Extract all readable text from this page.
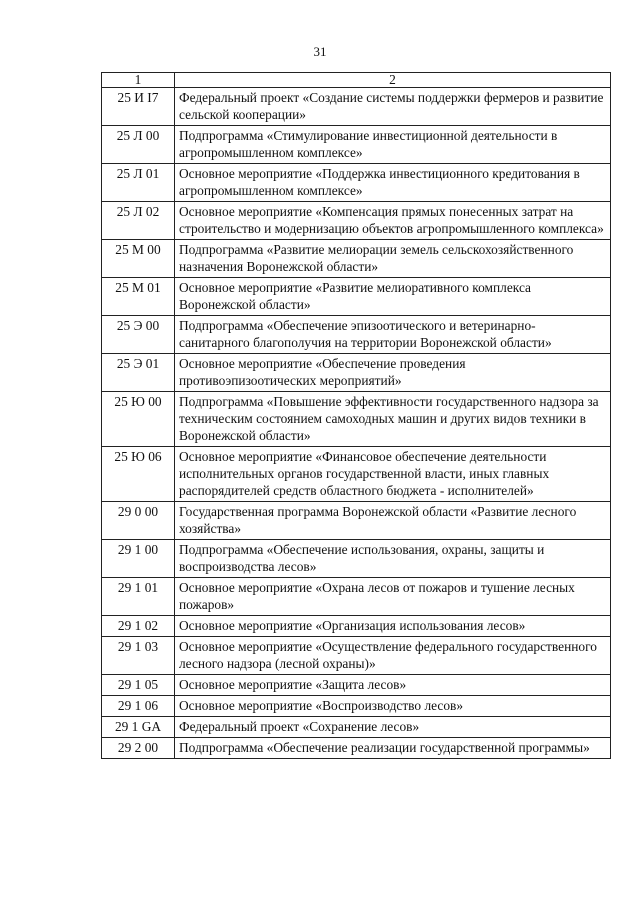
31
1	2
25 И I7	Федеральный проект «Создание системы поддержки фермеров и развитие сельской кооперации»
25 Л 00	Подпрограмма «Стимулирование инвестиционной деятельности в агропромышленном комплексе»
25 Л 01	Основное мероприятие «Поддержка инвестиционного кредитования в агропромышленном комплексе»
25 Л 02	Основное мероприятие «Компенсация прямых понесенных затрат на строительство и модернизацию объектов агропромышленного комплекса»
25 М 00	Подпрограмма «Развитие мелиорации земель сельскохозяйственного назначения Воронежской области»
25 М 01	Основное мероприятие «Развитие мелиоративного комплекса Воронежской области»
25 Э 00	Подпрограмма «Обеспечение эпизоотического и ветеринарно-санитарного благополучия на территории Воронежской области»
25 Э 01	Основное мероприятие «Обеспечение проведения противоэпизоотических мероприятий»
25 Ю 00	Подпрограмма «Повышение эффективности государственного надзора за техническим состоянием самоходных машин и других видов техники в Воронежской области»
25 Ю 06	Основное мероприятие «Финансовое обеспечение деятельности исполнительных органов государственной власти, иных главных распорядителей средств областного бюджета - исполнителей»
29 0 00	Государственная программа Воронежской области «Развитие лесного хозяйства»
29 1 00	Подпрограмма «Обеспечение использования, охраны, защиты и воспроизводства лесов»
29 1 01	Основное мероприятие «Охрана лесов от пожаров и тушение лесных пожаров»
29 1 02	Основное мероприятие «Организация использования лесов»
29 1 03	Основное мероприятие «Осуществление федерального государственного лесного надзора (лесной охраны)»
29 1 05	Основное мероприятие «Защита лесов»
29 1 06	Основное мероприятие «Воспроизводство лесов»
29 1 GA	Федеральный проект «Сохранение лесов»
29 2 00	Подпрограмма «Обеспечение реализации государственной программы»
